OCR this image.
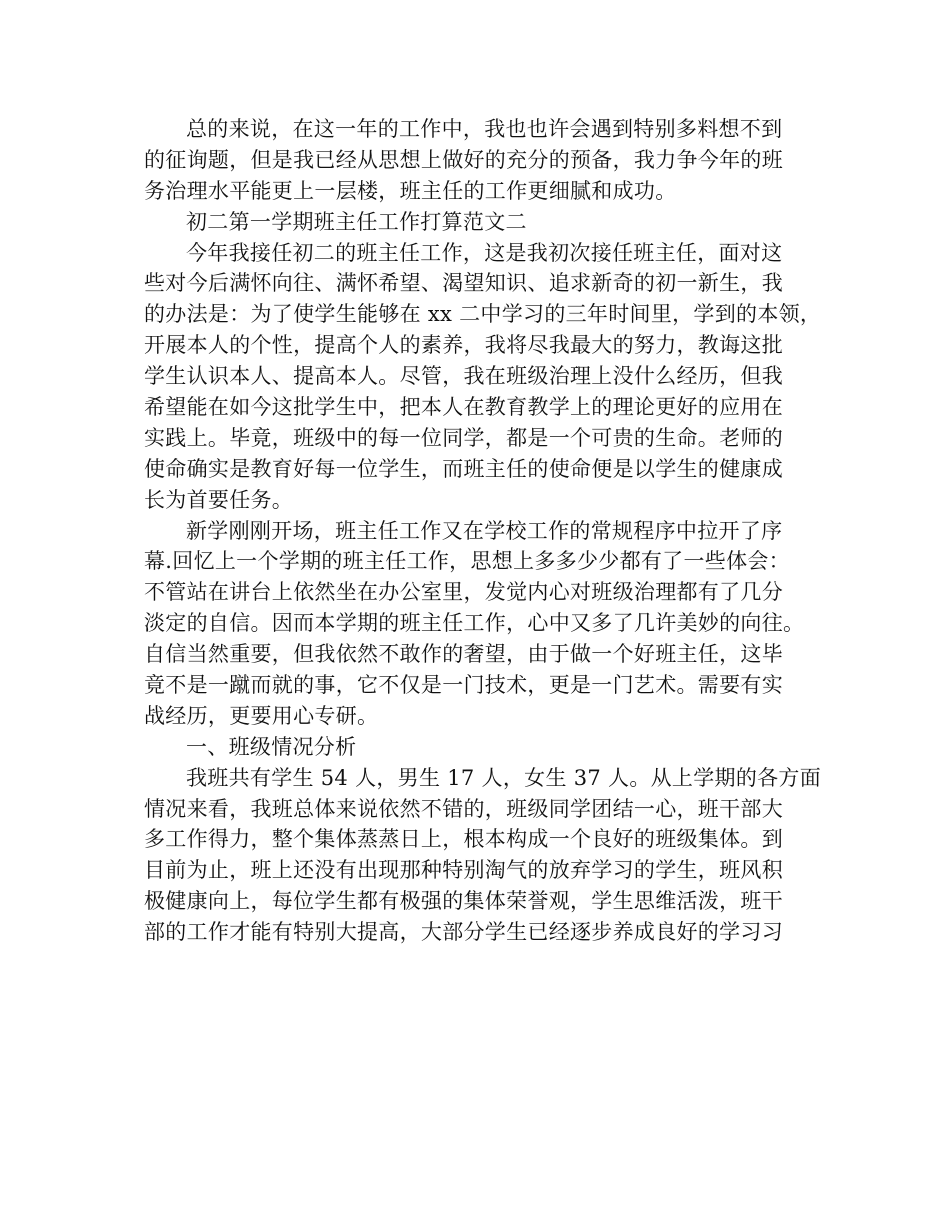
总的来说，在这一年的工作中，我也也许会遇到特别多料想不到
的征询题，但是我已经从思想上做好的充分的预备，我力争今年的班
务治理水平能更上一层楼，班主任的工作更细腻和成功。
初二第一学期班主任工作打算范文二
今年我接任初二的班主任工作，这是我初次接任班主任，面对这
些对今后满怀向往、满怀希望、渴望知识、追求新奇的初一新生，我
的办法是：为了使学生能够在 xx 二中学习的三年时间里，学到的本领，
开展本人的个性，提高个人的素养，我将尽我最大的努力，教诲这批
学生认识本人、提高本人。尽管，我在班级治理上没什么经历，但我
希望能在如今这批学生中，把本人在教育教学上的理论更好的应用在
实践上。毕竟，班级中的每一位同学，都是一个可贵的生命。老师的
使命确实是教育好每一位学生，而班主任的使命便是以学生的健康成
长为首要任务。
新学刚刚开场，班主任工作又在学校工作的常规程序中拉开了序
幕.回忆上一个学期的班主任工作，思想上多多少少都有了一些体会：
不管站在讲台上依然坐在办公室里，发觉内心对班级治理都有了几分
淡定的自信。因而本学期的班主任工作，心中又多了几许美妙的向往。
自信当然重要，但我依然不敢作的奢望，由于做一个好班主任，这毕
竟不是一蹴而就的事，它不仅是一门技术，更是一门艺术。需要有实
战经历，更要用心专研。
一、班级情况分析
我班共有学生 54 人，男生 17 人，女生 37 人。从上学期的各方面
情况来看，我班总体来说依然不错的，班级同学团结一心，班干部大
多工作得力，整个集体蒸蒸日上，根本构成一个良好的班级集体。到
目前为止，班上还没有出现那种特别淘气的放弃学习的学生，班风积
极健康向上，每位学生都有极强的集体荣誉观，学生思维活泼，班干
部的工作才能有特别大提高，大部分学生已经逐步养成良好的学习习
